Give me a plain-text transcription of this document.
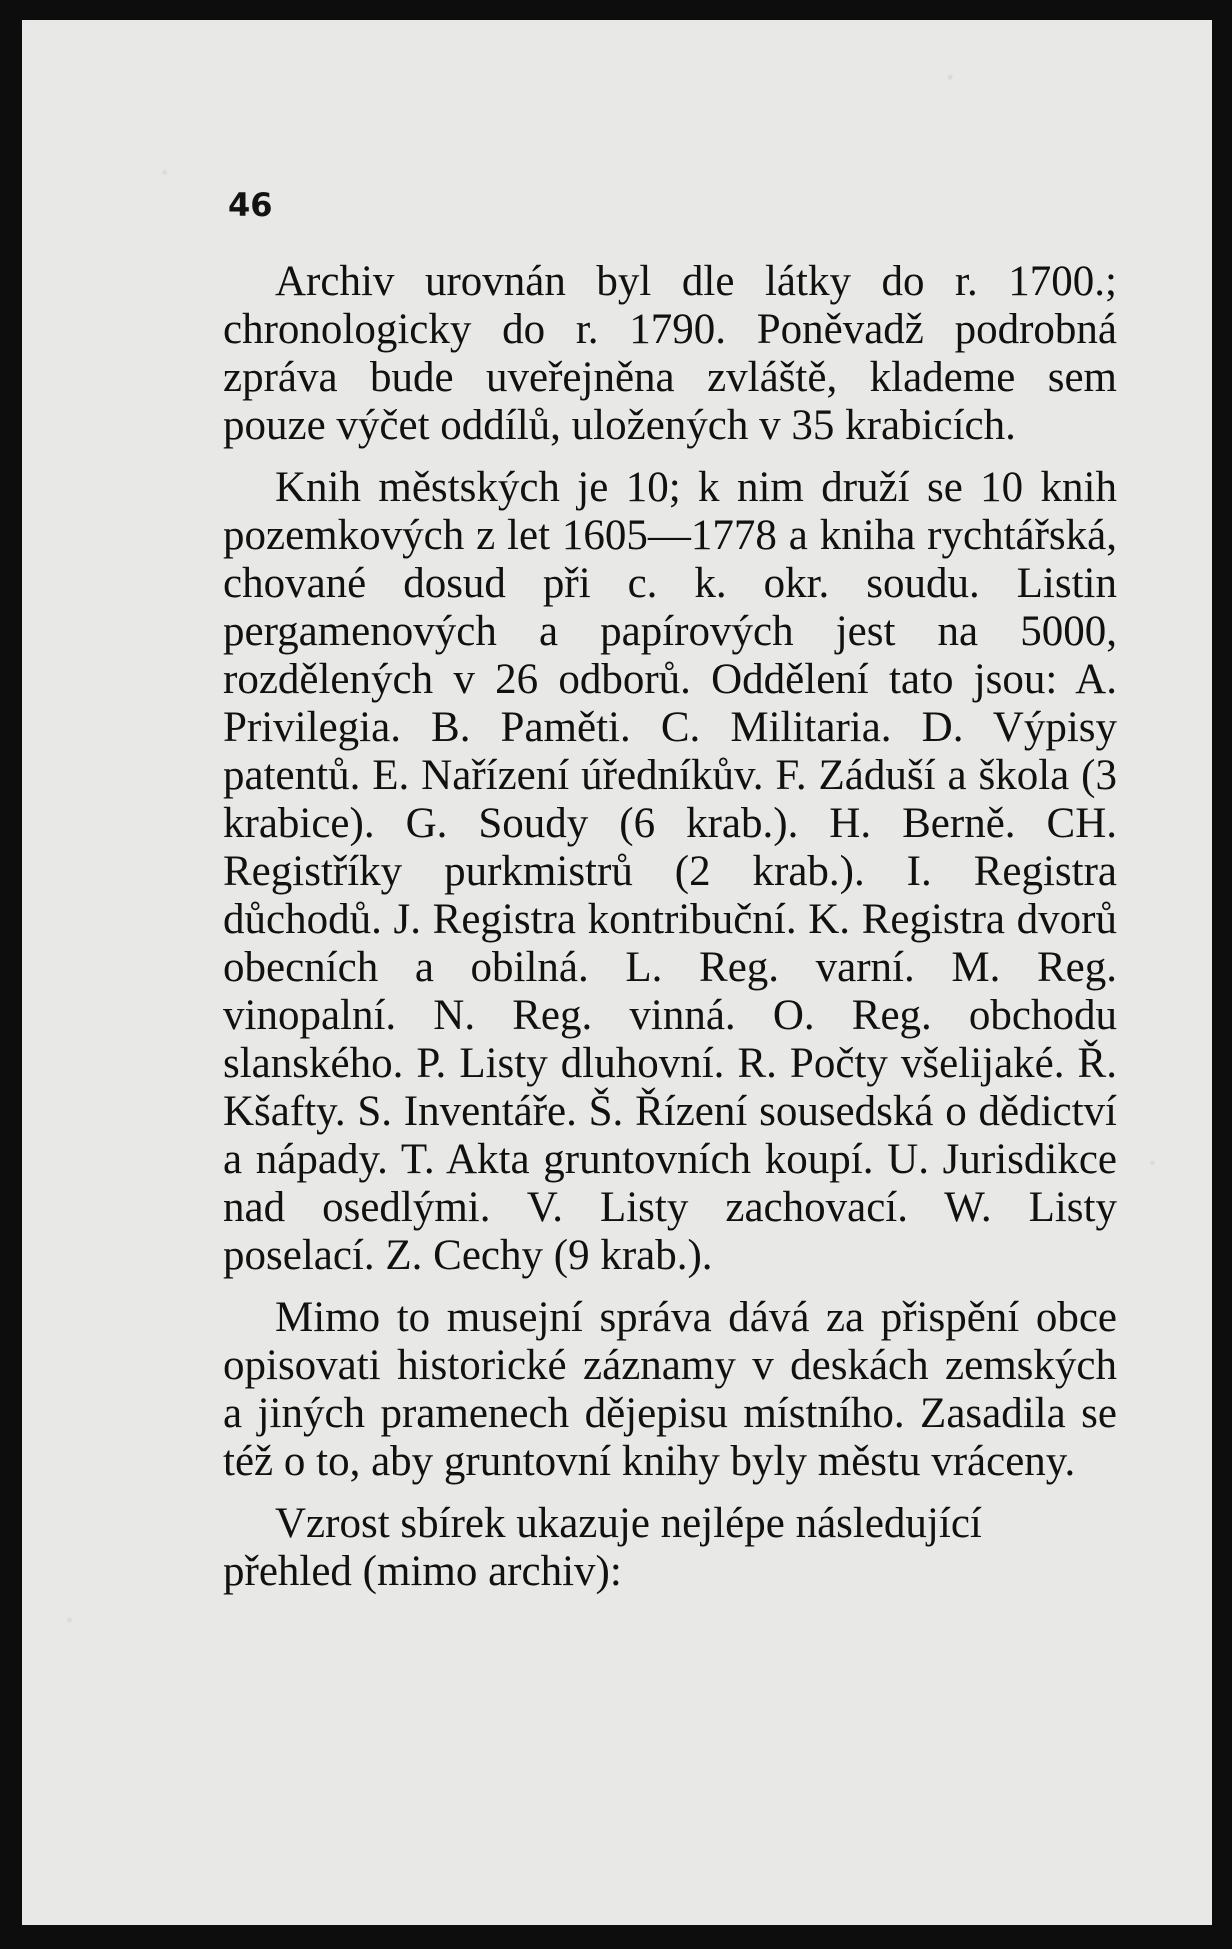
46

Archiv urovnán byl dle látky do r. 1700.; chronologicky do r. 1790. Poněvadž podrobná zpráva bude uveřejněna zvláště, klademe sem pouze výčet oddílů, uložených v 35 krabicích.

Knih městských je 10; k nim druží se 10 knih pozemkových z let 1605—1778 a kniha rychtářská, chované dosud při c. k. okr. soudu. Listin pergamenových a papírových jest na 5000, rozdělených v 26 odborů. Oddělení tato jsou: A. Privilegia. B. Paměti. C. Militaria. D. Výpisy patentů. E. Nařízení úředníkův. F. Záduší a škola (3 krabice). G. Soudy (6 krab.). H. Berně. CH. Registříky purkmistrů (2 krab.). I. Registra důchodů. J. Registra kontribuční. K. Registra dvorů obecních a obilná. L. Reg. varní. M. Reg. vinopalní. N. Reg. vinná. O. Reg. obchodu slanského. P. Listy dluhovní. R. Počty všelijaké. Ř. Kšafty. S. Inventáře. Š. Řízení sousedská o dědictví a nápady. T. Akta gruntovních koupí. U. Jurisdikce nad osedlými. V. Listy zachovací. W. Listy poselací. Z. Cechy (9 krab.).

Mimo to musejní správa dává za přispění obce opisovati historické záznamy v deskách zemských a jiných pramenech dějepisu místního. Zasadila se též o to, aby gruntovní knihy byly městu vráceny.

Vzrost sbírek ukazuje nejlépe následující přehled (mimo archiv):
